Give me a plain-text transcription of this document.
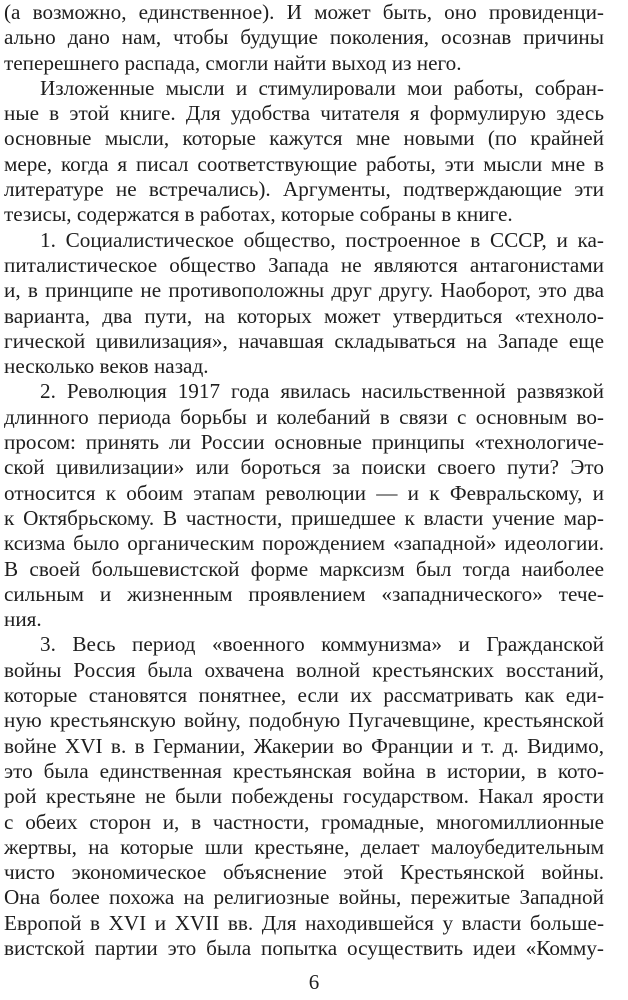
(а возможно, единственное). И может быть, оно провиденци-
ально дано нам, чтобы будущие поколения, осознав причины
теперешнего распада, смогли найти выход из него.
Изложенные мысли и стимулировали мои работы, собран-
ные в этой книге. Для удобства читателя я формулирую здесь
основные мысли, которые кажутся мне новыми (по крайней
мере, когда я писал соответствующие работы, эти мысли мне в
литературе не встречались). Аргументы, подтверждающие эти
тезисы, содержатся в работах, которые собраны в книге.
1. Социалистическое общество, построенное в СССР, и ка-
питалистическое общество Запада не являются антагонистами
и, в принципе не противоположны друг другу. Наоборот, это два
варианта, два пути, на которых может утвердиться «техноло-
гической цивилизация», начавшая складываться на Западе еще
несколько веков назад.
2. Революция 1917 года явилась насильственной развязкой
длинного периода борьбы и колебаний в связи с основным во-
просом: принять ли России основные принципы «технологиче-
ской цивилизации» или бороться за поиски своего пути? Это
относится к обоим этапам революции — и к Февральскому, и
к Октябрьскому. В частности, пришедшее к власти учение мар-
ксизма было органическим порождением «западной» идеологии.
В своей большевистской форме марксизм был тогда наиболее
сильным и жизненным проявлением «западнического» тече-
ния.
3. Весь период «военного коммунизма» и Гражданской
войны Россия была охвачена волной крестьянских восстаний,
которые становятся понятнее, если их рассматривать как еди-
ную крестьянскую войну, подобную Пугачевщине, крестьянской
войне XVI в. в Германии, Жакерии во Франции и т. д. Видимо,
это была единственная крестьянская война в истории, в кото-
рой крестьяне не были побеждены государством. Накал ярости
с обеих сторон и, в частности, громадные, многомиллионные
жертвы, на которые шли крестьяне, делает малоубедительным
чисто экономическое объяснение этой Крестьянской войны.
Она более похожа на религиозные войны, пережитые Западной
Европой в XVI и XVII вв. Для находившейся у власти больше-
вистской партии это была попытка осуществить идеи «Комму-
6
